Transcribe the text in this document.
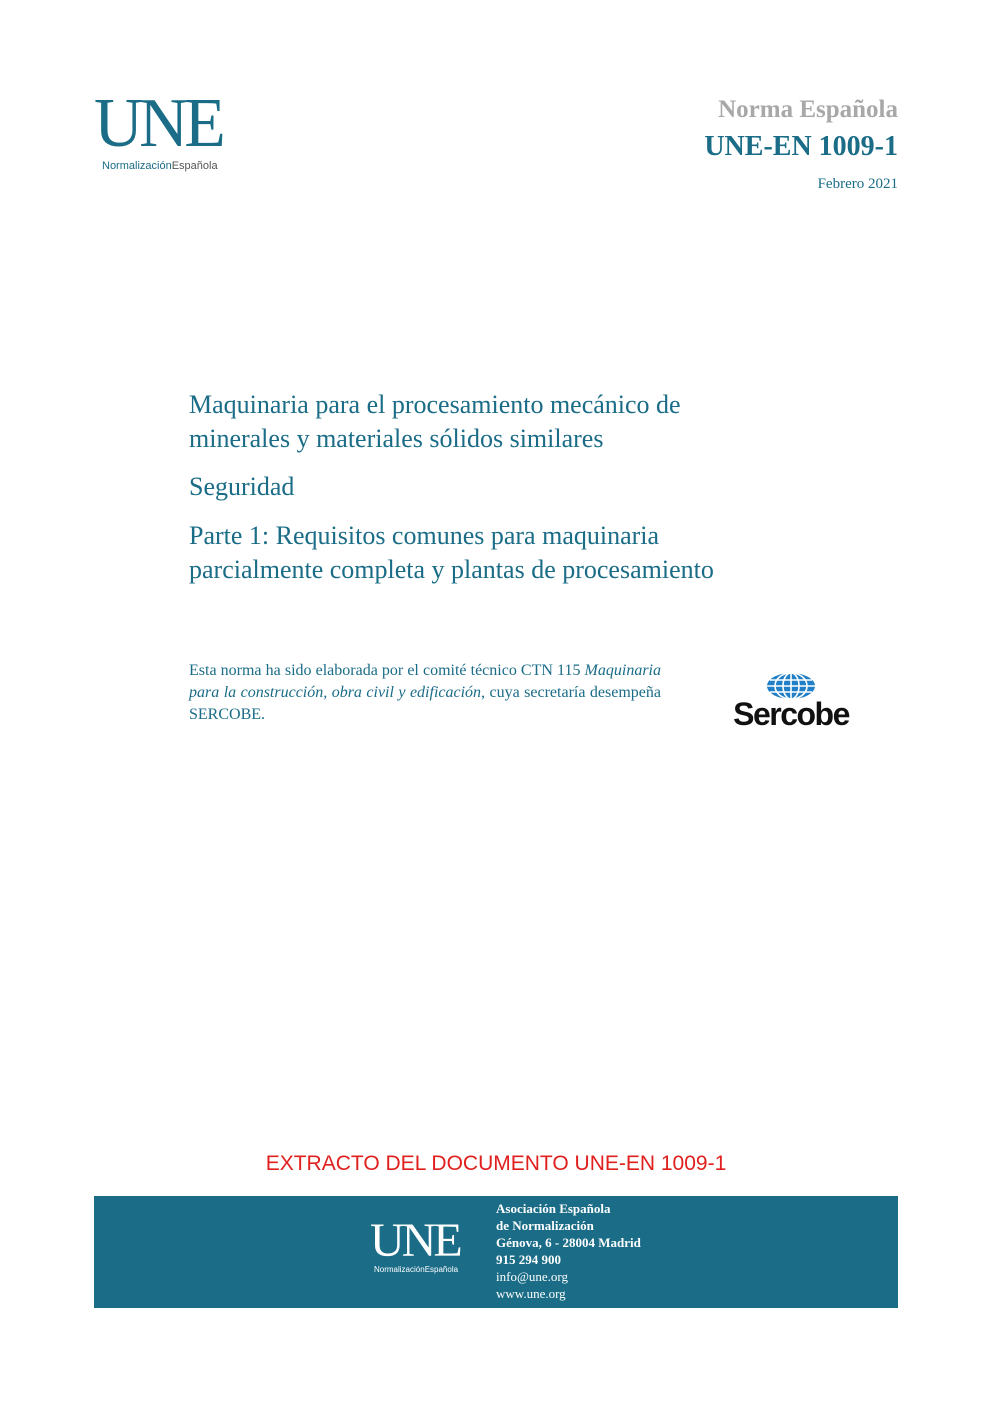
UNE
NormalizaciónEspañola
Norma Española
UNE-EN 1009-1
Febrero 2021
Maquinaria para el procesamiento mecánico de
minerales y materiales sólidos similares
Seguridad
Parte 1: Requisitos comunes para maquinaria
parcialmente completa y plantas de procesamiento
Esta norma ha sido elaborada por el comité técnico CTN 115 Maquinaria para la construcción, obra civil y edificación, cuya secretaría desempeña SERCOBE.	Sercobe
EXTRACTO DEL DOCUMENTO UNE-EN 1009-1
UNE
NormalizaciónEspañola
Asociación Española
de Normalización
Génova, 6 - 28004 Madrid
915 294 900
info@une.org
www.une.org
